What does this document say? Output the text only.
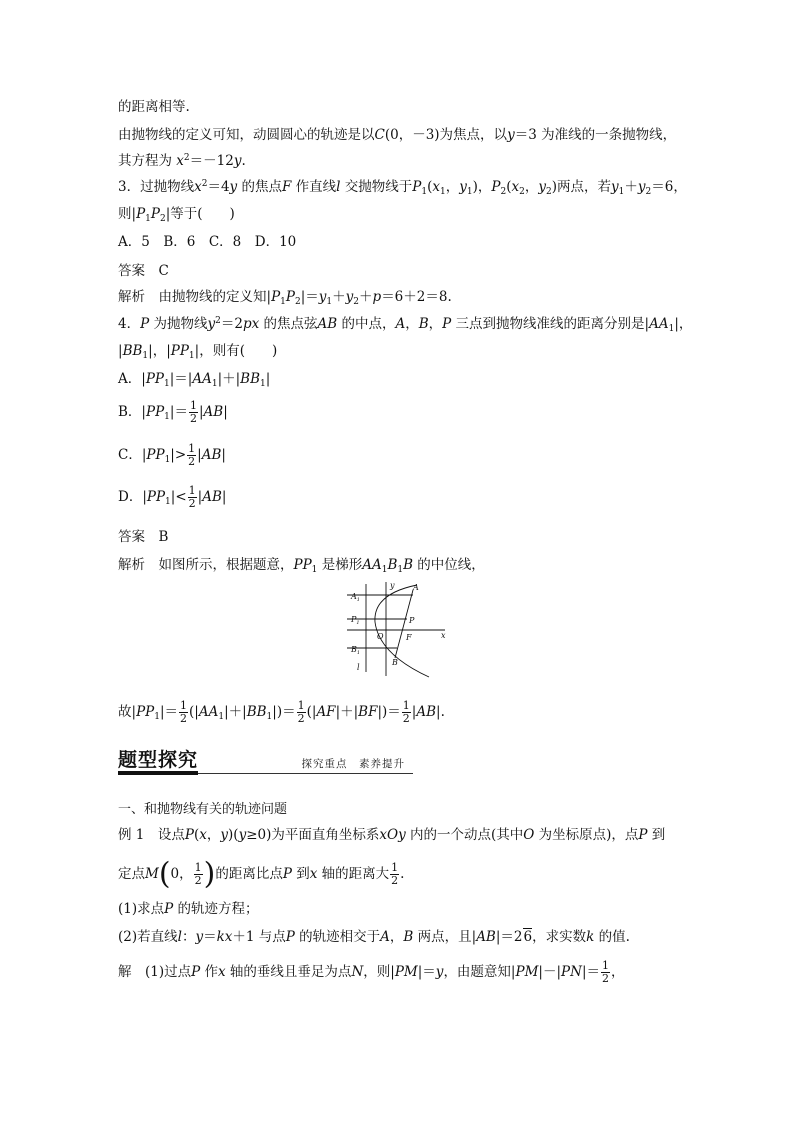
的距离相等.
由抛物线的定义可知，动圆圆心的轨迹是以C(0，－3)为焦点，以y＝3 为准线的一条抛物线，
其方程为 $x^2=-12y$.
3．过抛物线$x^2=4y$ 的焦点F 作直线l 交抛物线于$P_1(x_1$，$y_1$)，$P_2(x_2$，$y_2$)两点，若$y_1+y_2=6$，
则$|P_1P_2|$等于(　　)
A．5　B．6　C．8　D．10
答案　C
解析　由抛物线的定义知$|P_1P_2|=y_1+y_2+p=6+2=8$.
4．P 为抛物线$y^2=2px$ 的焦点弦AB 的中点，A，B，P 三点到抛物线准线的距离分别是$|AA_1|$，
$|BB_1|$，$|PP_1|$，则有(　　)
A．$|PP_1|=|AA_1|+|BB_1|$
B．$|PP_1|= \frac{1}{2} |AB|$
C．$|PP_1|> \frac{1}{2} |AB|$
D．$|PP_1|< \frac{1}{2} |AB|$
答案　B
解析　如图所示，根据题意，$PP_1$ 是梯形$AA_1B_1B$ 的中位线，
y A
$A_1$
$P_1$
O	F
P
x
$B_1$
B
l
故$|PP_1|= \frac{1}{2} (|AA_1|+|BB_1|)= \frac{1}{2} (|AF|+|BF|)= \frac{1}{2} |AB|$.
题型探究	探究重点　素养提升
一、和抛物线有关的轨迹问题
例 1　设点P(x，y)(y≥0)为平面直角坐标系xOy 内的一个动点(其中O 为坐标原点)，点P 到
定点M(0， $\frac{1}{2}$ )的距离比点P 到x 轴的距离大 $\frac{1}{2}$ .
(1)求点P 的轨迹方程；
(2)若直线l：y＝kx＋1 与点P 的轨迹相交于A，B 两点，且|AB|＝26，求实数k 的值.
解　(1)过点P 作x 轴的垂线且垂足为点N，则|PM|＝y，由题意知$|PM|-|PN|= \frac{1}{2}$ ，
